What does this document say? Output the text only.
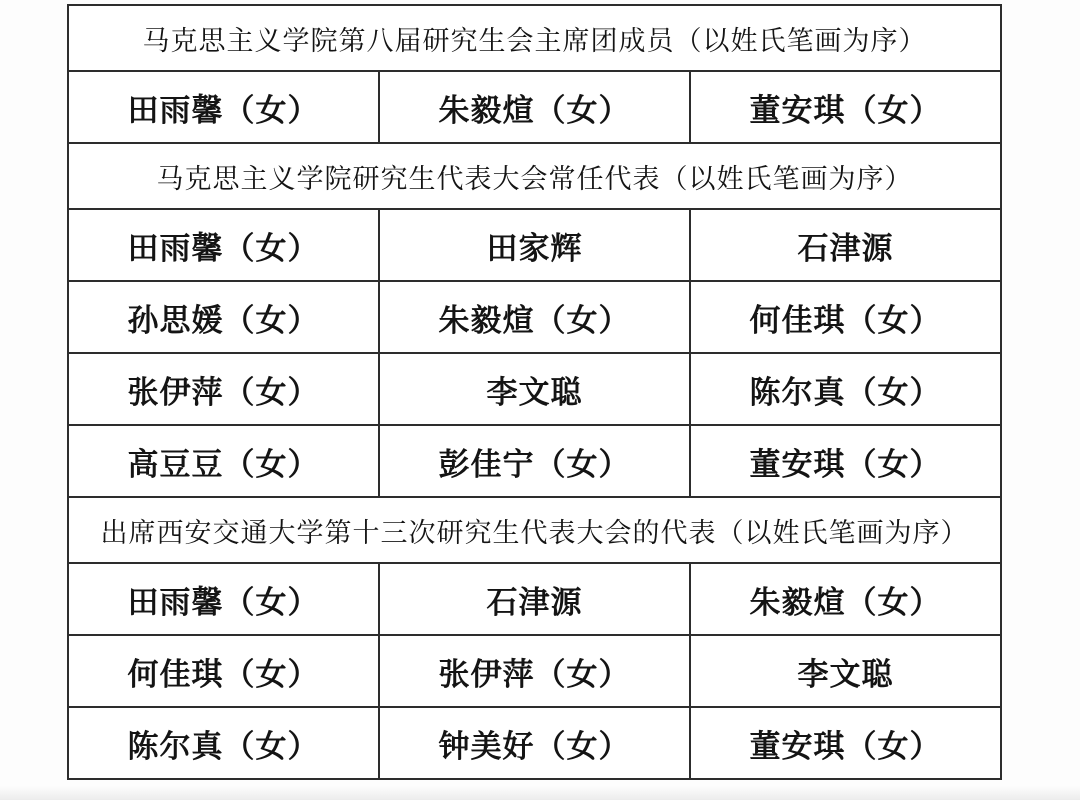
马克思主义学院第八届研究生会主席团成员（以姓氏笔画为序）
田雨馨（女）	朱毅煊（女）	董安琪（女）
马克思主义学院研究生代表大会常任代表（以姓氏笔画为序）
田雨馨（女）	田家辉	石津源
孙思媛（女）	朱毅煊（女）	何佳琪（女）
张伊萍（女）	李文聪	陈尔真（女）
高豆豆（女）	彭佳宁（女）	董安琪（女）
出席西安交通大学第十三次研究生代表大会的代表（以姓氏笔画为序）
田雨馨（女）	石津源	朱毅煊（女）
何佳琪（女）	张伊萍（女）	李文聪
陈尔真（女）	钟美好（女）	董安琪（女）
